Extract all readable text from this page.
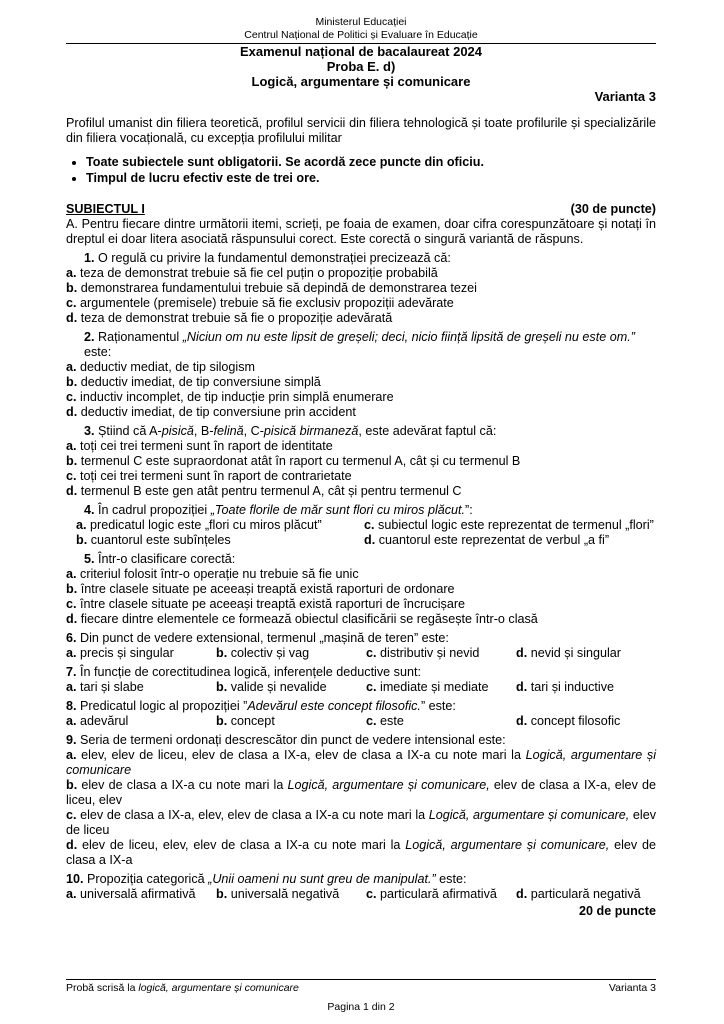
Ministerul Educației
Centrul Național de Politici și Evaluare în Educație
Examenul național de bacalaureat 2024
Proba E. d)
Logică, argumentare și comunicare
Varianta 3

Profilul umanist din filiera teoretică, profilul servicii din filiera tehnologică și toate profilurile și specializările din filiera vocațională, cu excepția profilului militar

• Toate subiectele sunt obligatorii. Se acordă zece puncte din oficiu.
• Timpul de lucru efectiv este de trei ore.
SUBIECTUL I	(30 de puncte)

A. Pentru fiecare dintre următorii itemi, scrieți, pe foaia de examen, doar cifra corespunzătoare și notați în dreptul ei doar litera asociată răspunsului corect. Este corectă o singură variantă de răspuns.

1. O regulă cu privire la fundamentul demonstrației precizează că:
a. teza de demonstrat trebuie să fie cel puțin o propoziție probabilă
b. demonstrarea fundamentului trebuie să depindă de demonstrarea tezei
c. argumentele (premisele) trebuie să fie exclusiv propoziții adevărate
d. teza de demonstrat trebuie să fie o propoziție adevărată
2. Raționamentul „Niciun om nu este lipsit de greșeli; deci, nicio ființă lipsită de greșeli nu este om.” este:
a. deductiv mediat, de tip silogism
b. deductiv imediat, de tip conversiune simplă
c. inductiv incomplet, de tip inducție prin simplă enumerare
d. deductiv imediat, de tip conversiune prin accident
3. Știind că A-pisică, B-felină, C-pisică birmaneză, este adevărat faptul că:
a. toți cei trei termeni sunt în raport de identitate
b. termenul C este supraordonat atât în raport cu termenul A, cât și cu termenul B
c. toți cei trei termeni sunt în raport de contrarietate
d. termenul B este gen atât pentru termenul A, cât și pentru termenul C
4. În cadrul propoziției „Toate florile de măr sunt flori cu miros plăcut.”:
a. predicatul logic este „flori cu miros plăcut”	c. subiectul logic este reprezentat de termenul „flori”
b. cuantorul este subînțeles	d. cuantorul este reprezentat de verbul „a fi”
5. Într-o clasificare corectă:
a. criteriul folosit într-o operație nu trebuie să fie unic
b. între clasele situate pe aceeași treaptă există raporturi de ordonare
c. între clasele situate pe aceeași treaptă există raporturi de încrucișare
d. fiecare dintre elementele ce formează obiectul clasificării se regăsește într-o clasă
6. Din punct de vedere extensional, termenul „mașină de teren” este:
a. precis și singular	b. colectiv și vag	c. distributiv și nevid	d. nevid și singular
7. În funcție de corectitudinea logică, inferențele deductive sunt:
a. tari și slabe	b. valide și nevalide	c. imediate și mediate	d. tari și inductive
8. Predicatul logic al propoziției ”Adevărul este concept filosofic.” este:
a. adevărul	b. concept	c. este	d. concept filosofic
9. Seria de termeni ordonați descrescător din punct de vedere intensional este:
a. elev, elev de liceu, elev de clasa a IX-a, elev de clasa a IX-a cu note mari la Logică, argumentare și comunicare
b. elev de clasa a IX-a cu note mari la Logică, argumentare și comunicare, elev de clasa a IX-a, elev de liceu, elev
c. elev de clasa a IX-a, elev, elev de clasa a IX-a cu note mari la Logică, argumentare și comunicare, elev de liceu
d. elev de liceu, elev, elev de clasa a IX-a cu note mari la Logică, argumentare și comunicare, elev de clasa a IX-a
10. Propoziția categorică „Unii oameni nu sunt greu de manipulat.” este:
a. universală afirmativă	b. universală negativă	c. particulară afirmativă	d. particulară negativă
20 de puncte
Probă scrisă la logică, argumentare și comunicare	Varianta 3
Pagina 1 din 2
